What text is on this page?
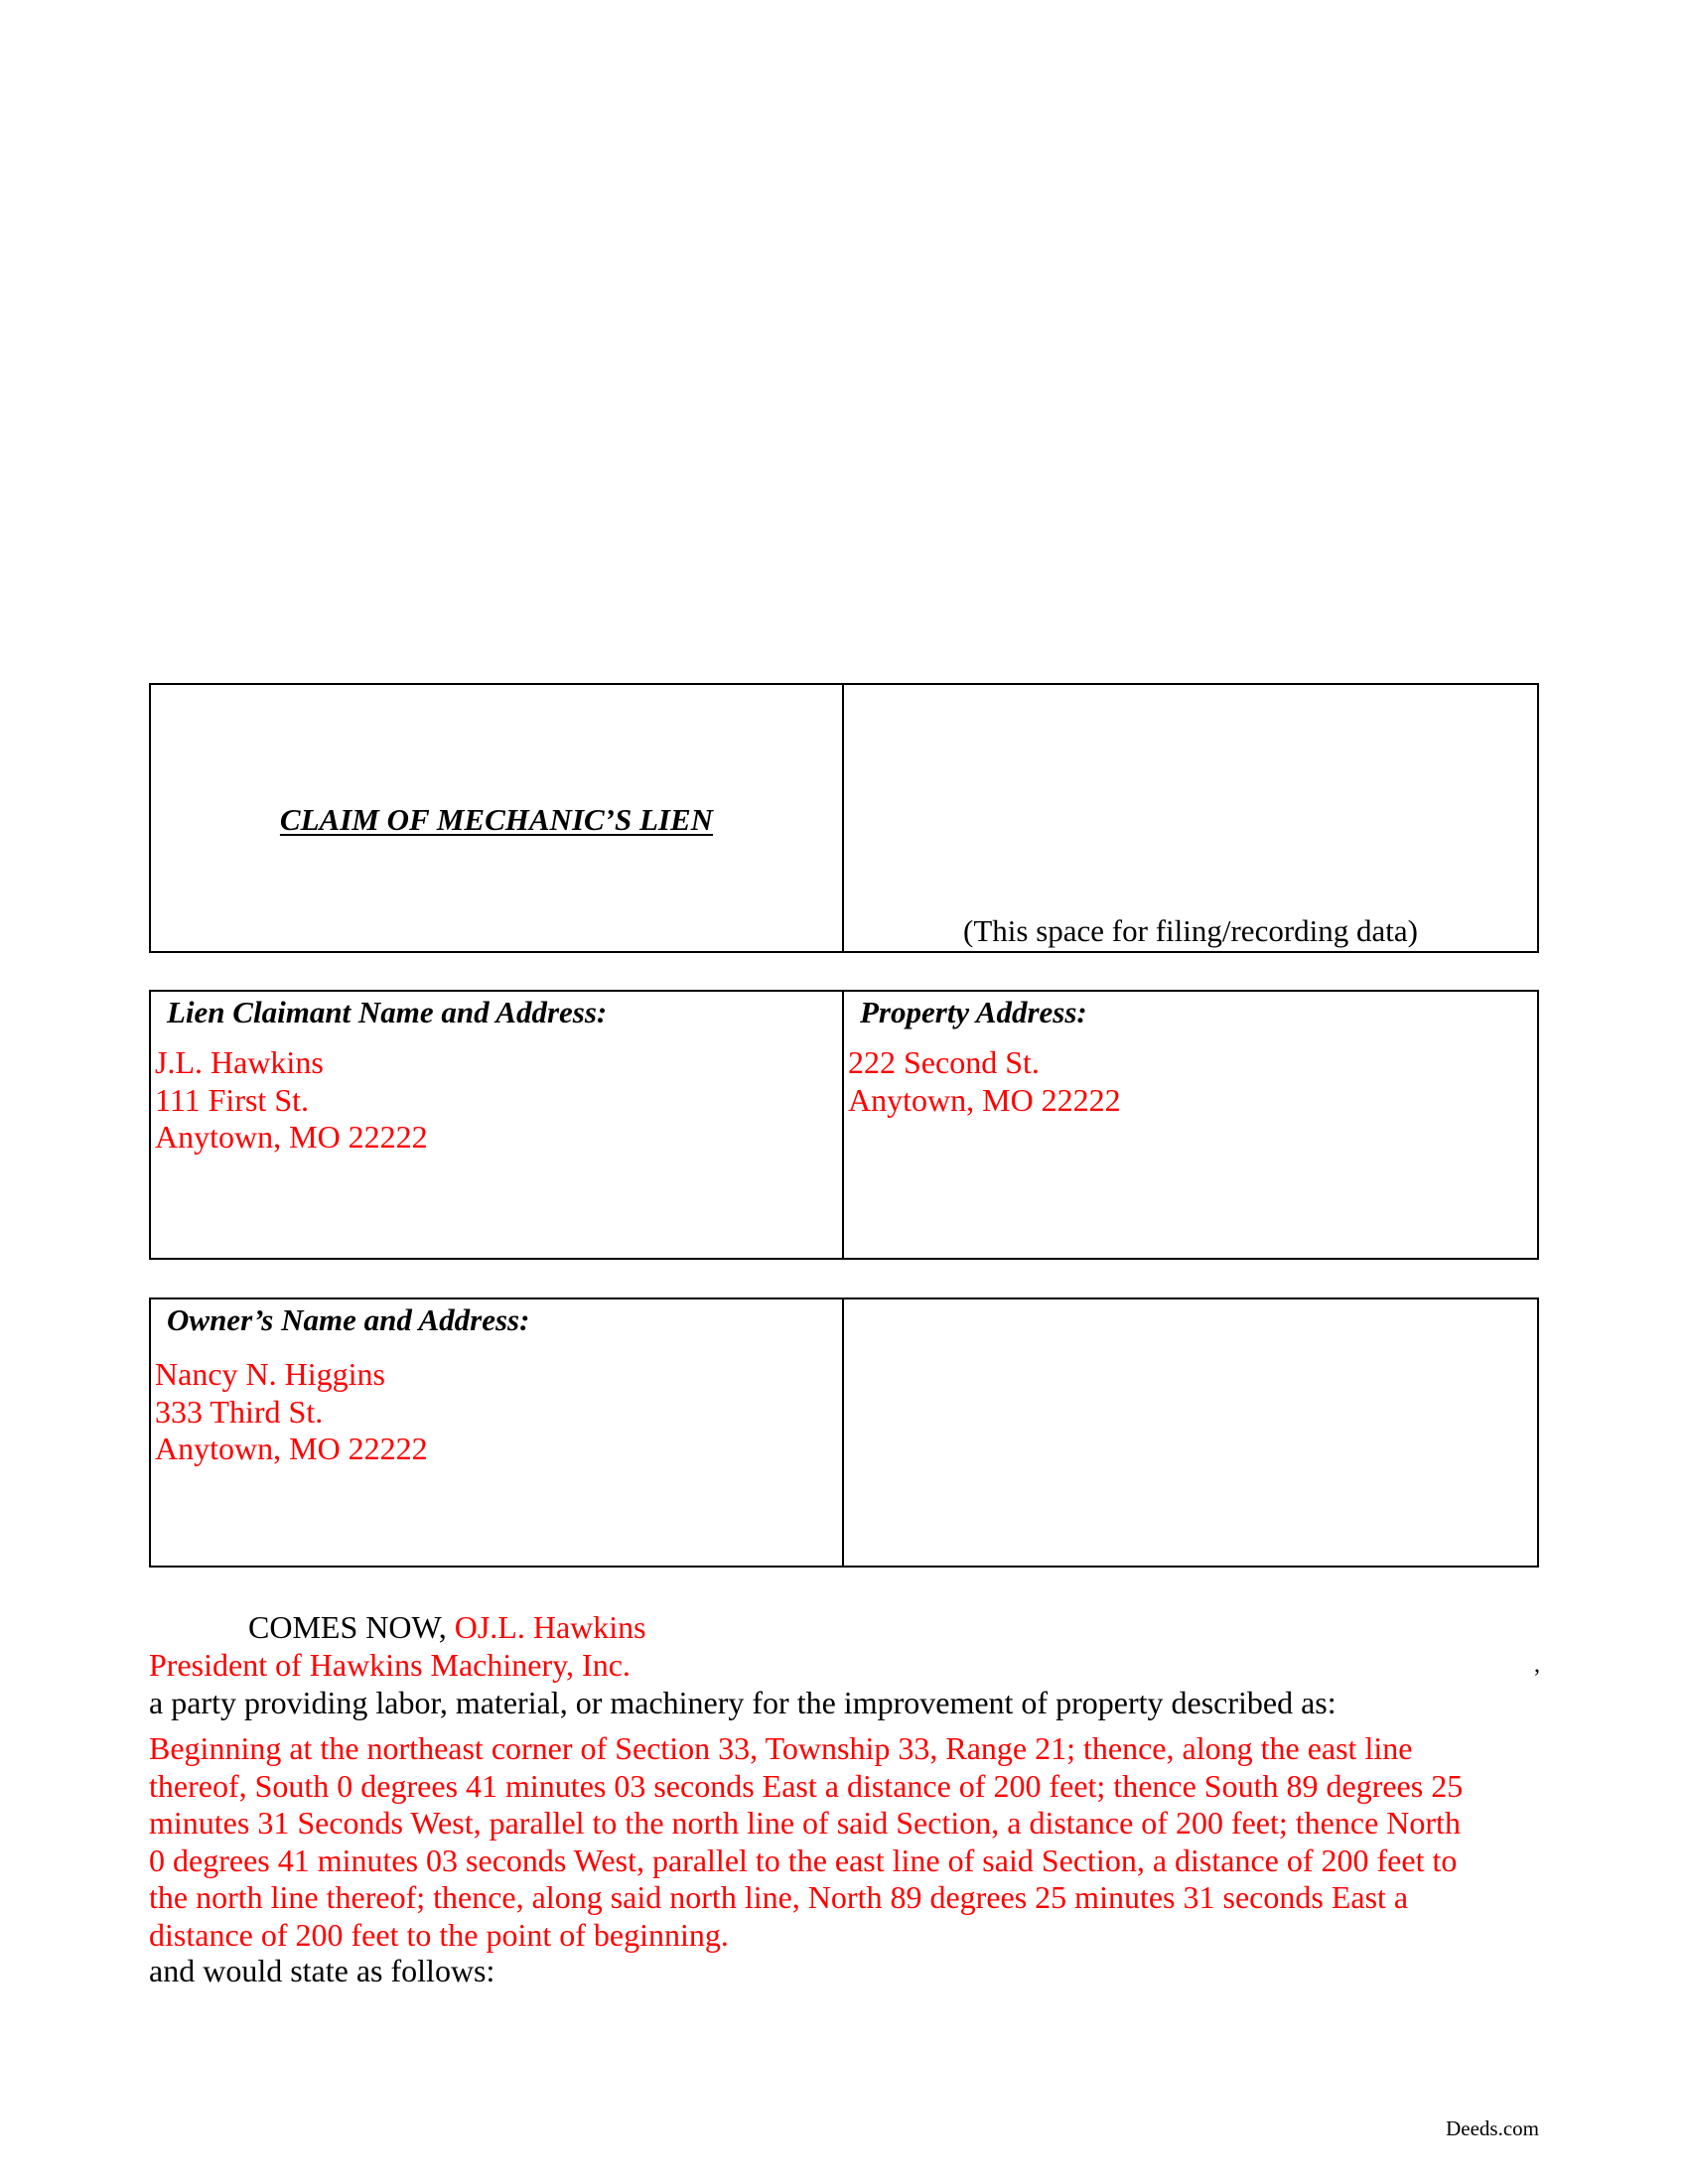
CLAIM OF MECHANIC’S LIEN
(This space for filing/recording data)
Lien Claimant Name and Address:
J.L. Hawkins
111 First St.
Anytown, MO 22222
Property Address:
222 Second St.
Anytown, MO 22222
Owner’s Name and Address:
Nancy N. Higgins
333 Third St.
Anytown, MO 22222
COMES NOW, OJ.L. Hawkins
President of Hawkins Machinery, Inc.	,
a party providing labor, material, or machinery for the improvement of property described as:
Beginning at the northeast corner of Section 33, Township 33, Range 21; thence, along the east line
thereof, South 0 degrees 41 minutes 03 seconds East a distance of 200 feet; thence South 89 degrees 25
minutes 31 Seconds West, parallel to the north line of said Section, a distance of 200 feet; thence North
0 degrees 41 minutes 03 seconds West, parallel to the east line of said Section, a distance of 200 feet to
the north line thereof; thence, along said north line, North 89 degrees 25 minutes 31 seconds East a
distance of 200 feet to the point of beginning.
and would state as follows:
Deeds.com
